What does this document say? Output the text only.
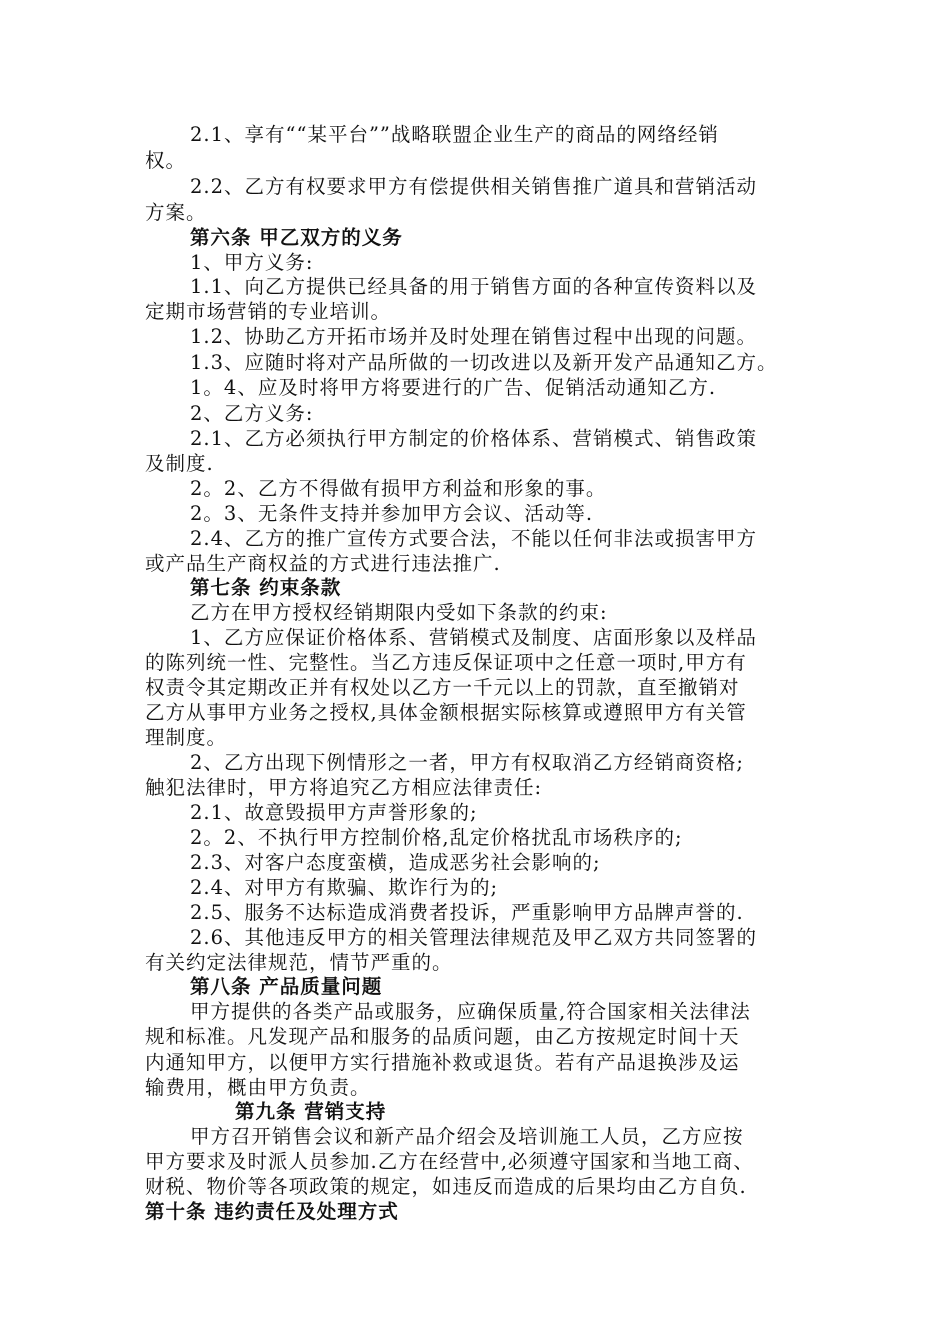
2.1、享有““某平台””战略联盟企业生产的商品的网络经销
权。
2.2、乙方有权要求甲方有偿提供相关销售推广道具和营销活动
方案。
第六条 甲乙双方的义务
1、甲方义务:
1.1、向乙方提供已经具备的用于销售方面的各种宣传资料以及
定期市场营销的专业培训。
1.2、协助乙方开拓市场并及时处理在销售过程中出现的问题。
1.3、应随时将对产品所做的一切改进以及新开发产品通知乙方。
1。4、应及时将甲方将要进行的广告、促销活动通知乙方.
2、乙方义务:
2.1、乙方必须执行甲方制定的价格体系、营销模式、销售政策
及制度.
2。2、乙方不得做有损甲方利益和形象的事。
2。3、无条件支持并参加甲方会议、活动等.
2.4、乙方的推广宣传方式要合法，不能以任何非法或损害甲方
或产品生产商权益的方式进行违法推广.
第七条 约束条款
乙方在甲方授权经销期限内受如下条款的约束:
1、乙方应保证价格体系、营销模式及制度、店面形象以及样品
的陈列统一性、完整性。当乙方违反保证项中之任意一项时,甲方有
权责令其定期改正并有权处以乙方一千元以上的罚款，直至撤销对
乙方从事甲方业务之授权,具体金额根据实际核算或遵照甲方有关管
理制度。
2、乙方出现下例情形之一者，甲方有权取消乙方经销商资格;
触犯法律时，甲方将追究乙方相应法律责任:
2.1、故意毁损甲方声誉形象的;
2。2、不执行甲方控制价格,乱定价格扰乱市场秩序的;
2.3、对客户态度蛮横，造成恶劣社会影响的;
2.4、对甲方有欺骗、欺诈行为的;
2.5、服务不达标造成消费者投诉，严重影响甲方品牌声誉的.
2.6、其他违反甲方的相关管理法律规范及甲乙双方共同签署的
有关约定法律规范，情节严重的。
第八条 产品质量问题
甲方提供的各类产品或服务，应确保质量,符合国家相关法律法
规和标准。凡发现产品和服务的品质问题，由乙方按规定时间十天
内通知甲方，以便甲方实行措施补救或退货。若有产品退换涉及运
输费用，概由甲方负责。
第九条 营销支持
甲方召开销售会议和新产品介绍会及培训施工人员，乙方应按
甲方要求及时派人员参加.乙方在经营中,必须遵守国家和当地工商、
财税、物价等各项政策的规定，如违反而造成的后果均由乙方自负.
第十条 违约责任及处理方式
